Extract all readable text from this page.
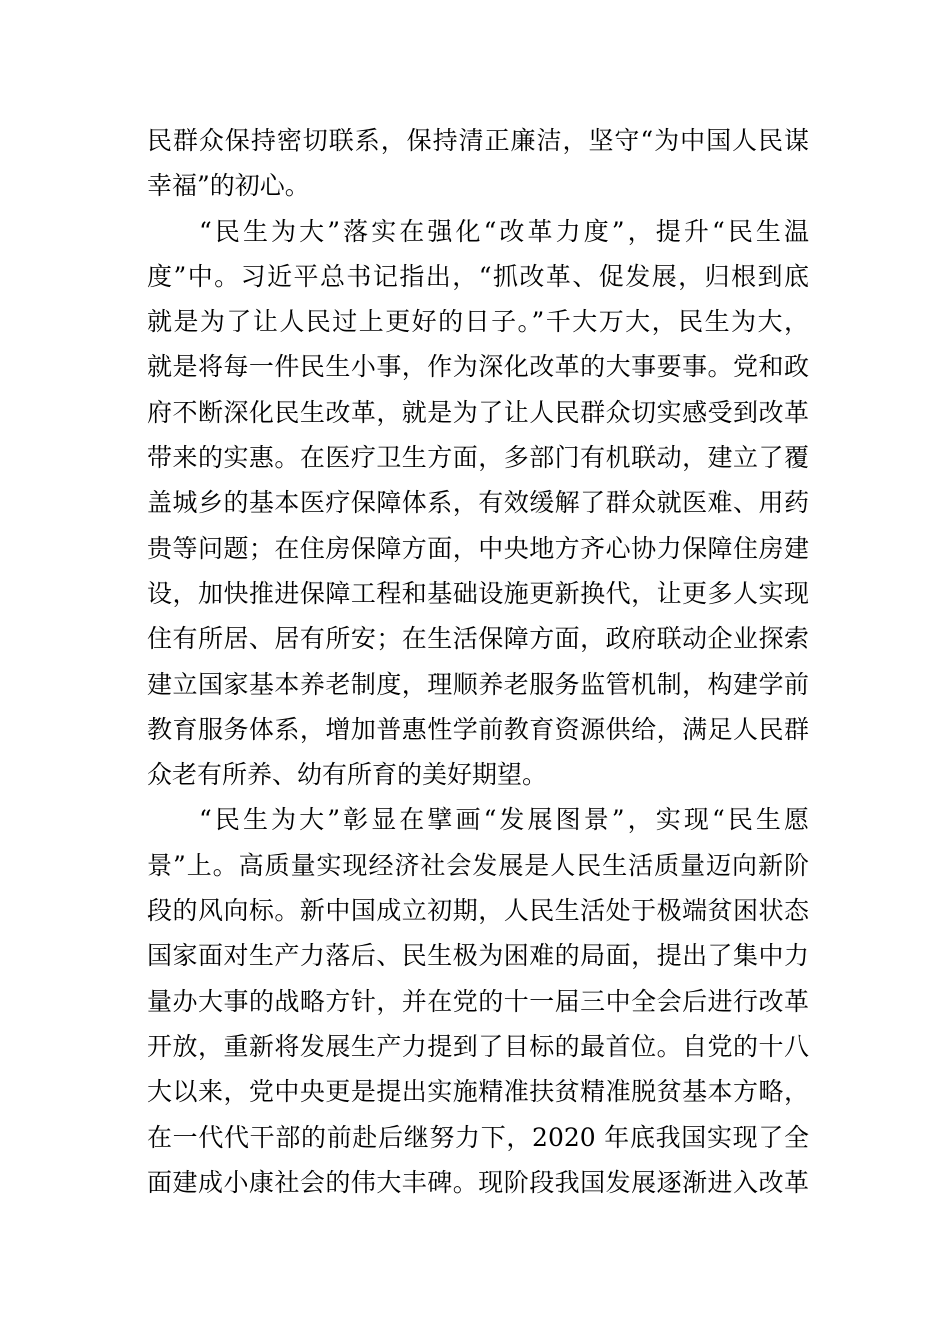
民群众保持密切联系，保持清正廉洁，坚守“为中国人民谋
幸福”的初心。
“民生为大”落实在强化“改革力度”，提升“民生温
度”中。习近平总书记指出，“抓改革、促发展，归根到底
就是为了让人民过上更好的日子。”千大万大，民生为大，
就是将每一件民生小事，作为深化改革的大事要事。党和政
府不断深化民生改革，就是为了让人民群众切实感受到改革
带来的实惠。在医疗卫生方面，多部门有机联动，建立了覆
盖城乡的基本医疗保障体系，有效缓解了群众就医难、用药
贵等问题；在住房保障方面，中央地方齐心协力保障住房建
设，加快推进保障工程和基础设施更新换代，让更多人实现
住有所居、居有所安；在生活保障方面，政府联动企业探索
建立国家基本养老制度，理顺养老服务监管机制，构建学前
教育服务体系，增加普惠性学前教育资源供给，满足人民群
众老有所养、幼有所育的美好期望。
“民生为大”彰显在擘画“发展图景”，实现“民生愿
景”上。高质量实现经济社会发展是人民生活质量迈向新阶
段的风向标。新中国成立初期，人民生活处于极端贫困状态
国家面对生产力落后、民生极为困难的局面，提出了集中力
量办大事的战略方针，并在党的十一届三中全会后进行改革
开放，重新将发展生产力提到了目标的最首位。自党的十八
大以来，党中央更是提出实施精准扶贫精准脱贫基本方略，
在一代代干部的前赴后继努力下，2020 年底我国实现了全
面建成小康社会的伟大丰碑。现阶段我国发展逐渐进入改革
